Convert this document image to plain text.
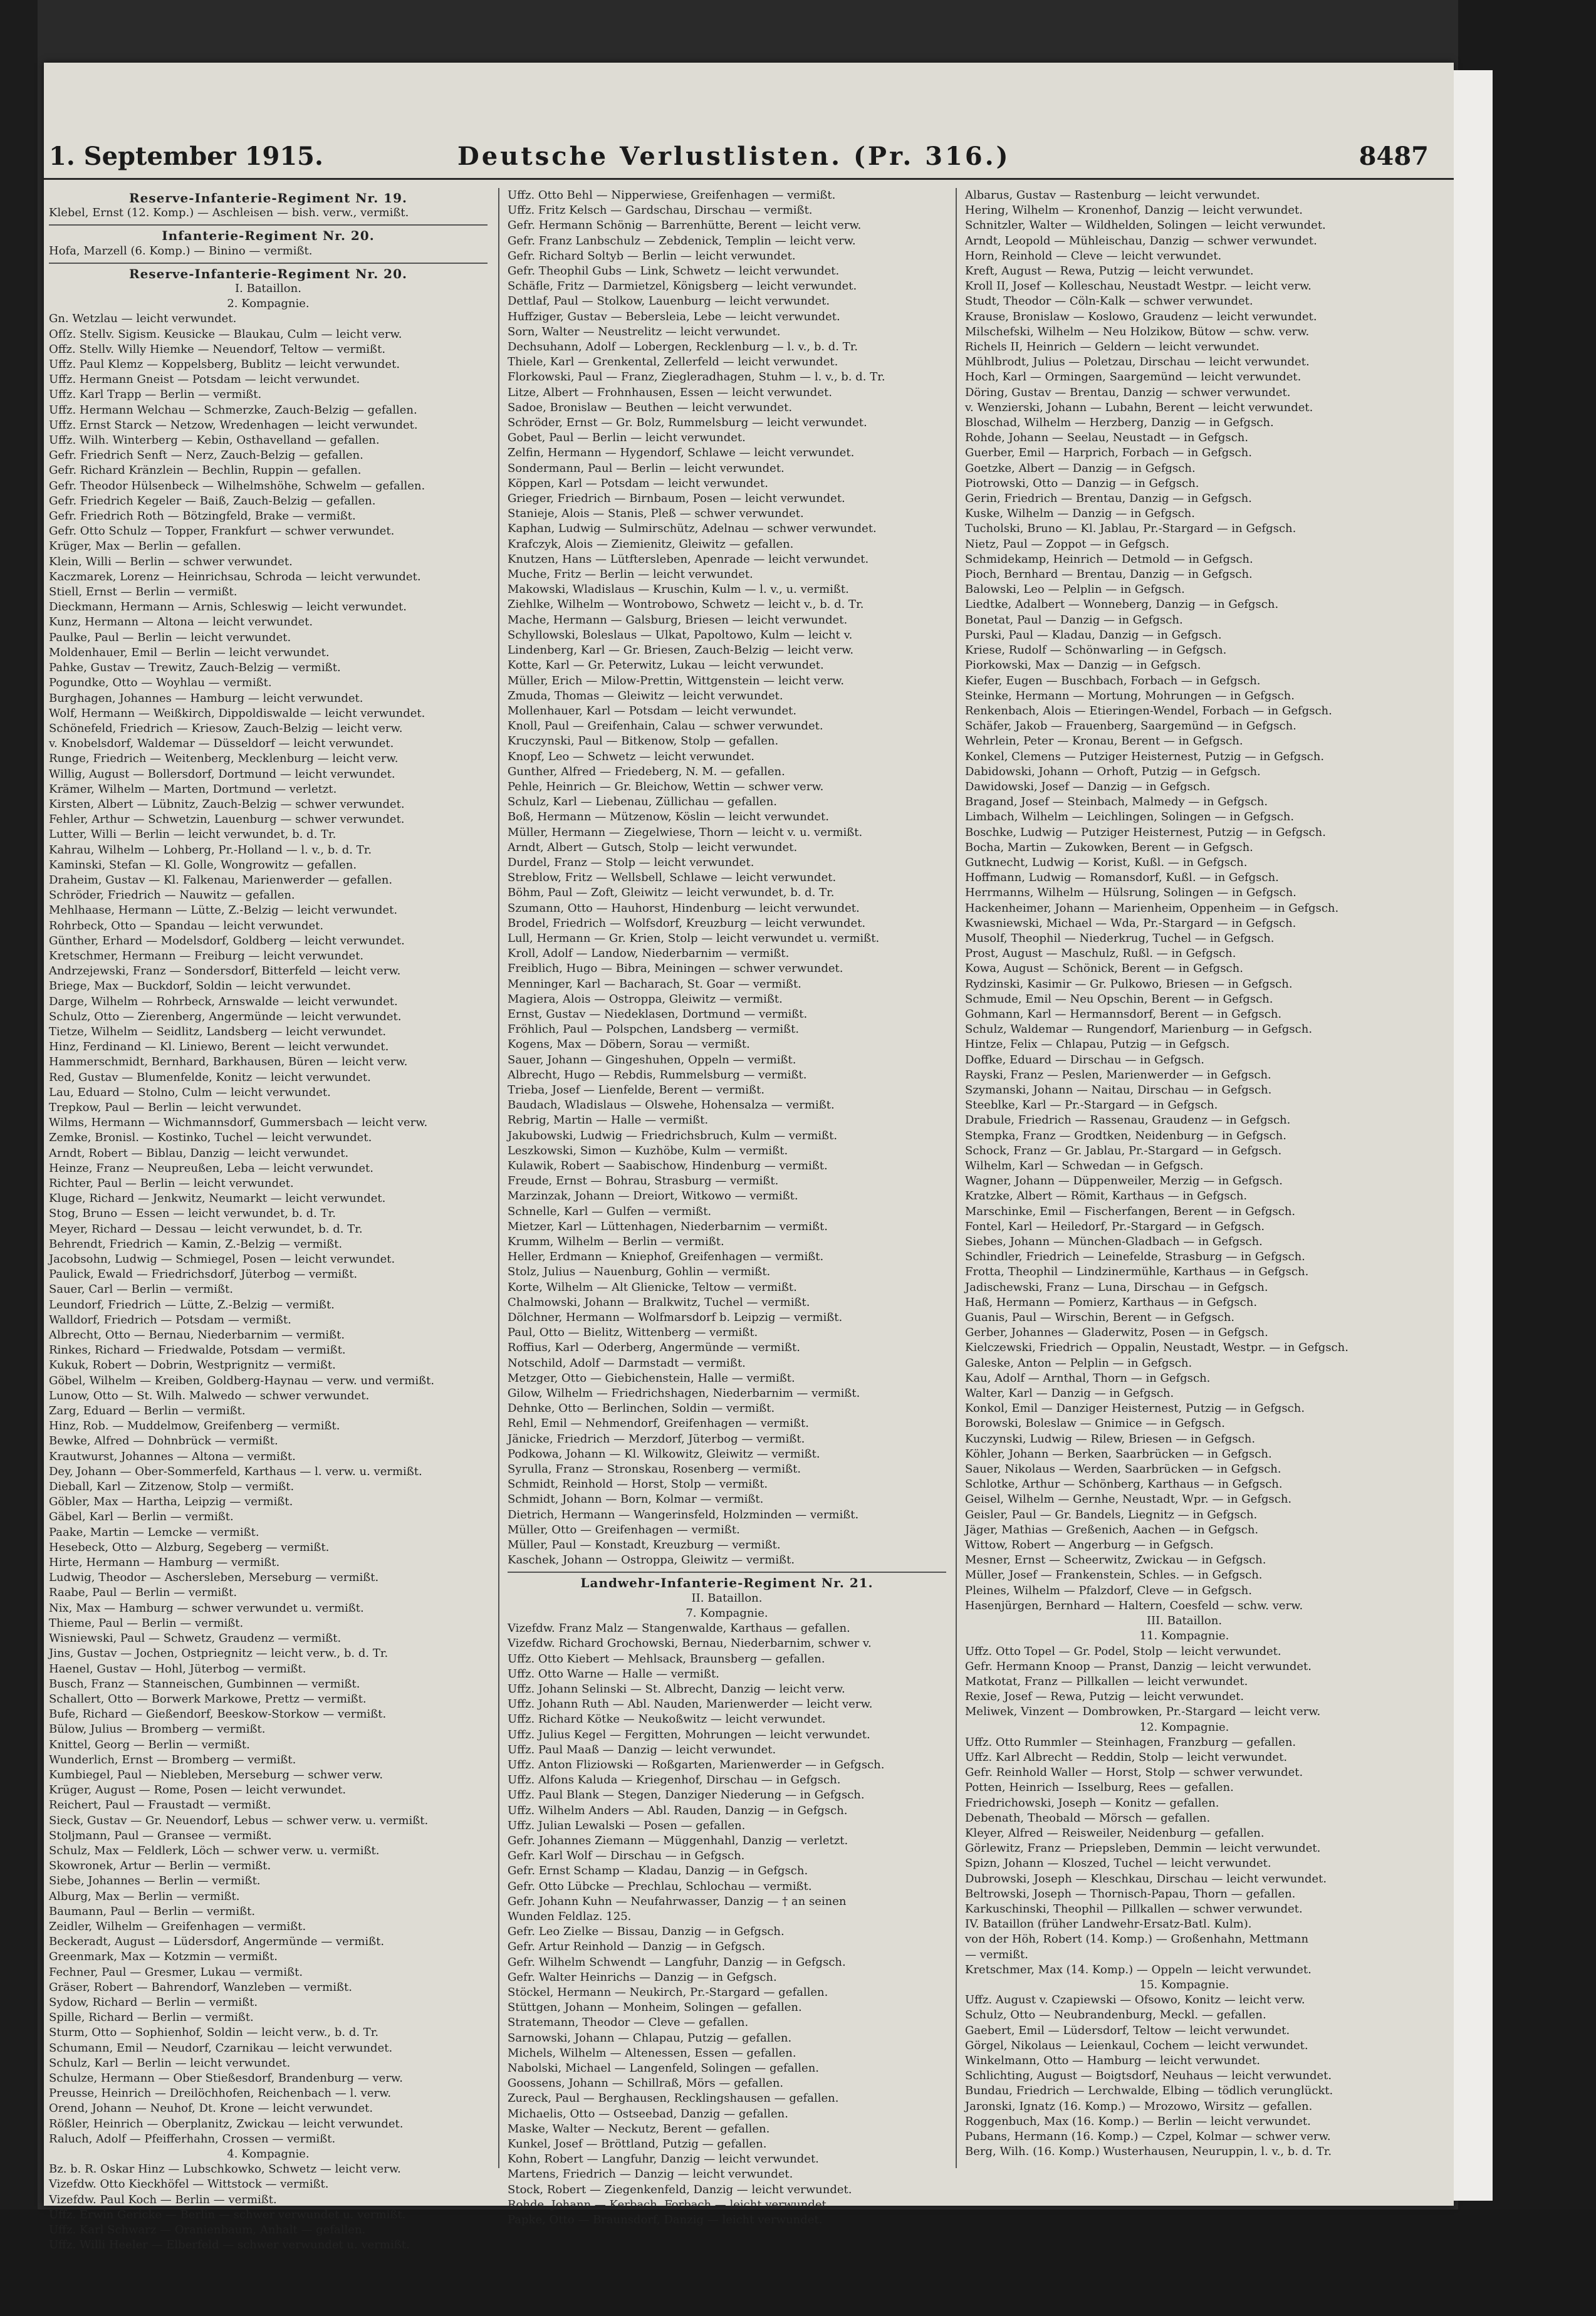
1. September 1915.	Deutsche Verlustlisten. (Pr. 316.)	8487
Reserve-Infanterie-Regiment Nr. 19.
Klebel, Ernst (12. Komp.) — Aschleisen — bish. verw., vermißt.
Infanterie-Regiment Nr. 20.
Hofa, Marzell (6. Komp.) — Binino — vermißt.
Reserve-Infanterie-Regiment Nr. 20.
I. Bataillon.
2. Kompagnie.
Gn. Wetzlau — leicht verwundet.
Ofſz. Stellv. Sigism. Keusicke — Blaukau, Culm — leicht verw.
Offz. Stellv. Willy Hiemke — Neuendorf, Teltow — vermißt.
Uffz. Paul Klemz — Koppelsberg, Bublitz — leicht verwundet.
Uffz. Hermann Gneist — Potsdam — leicht verwundet.
Uffz. Karl Trapp — Berlin — vermißt.
Uffz. Hermann Welchau — Schmerzke, Zauch-Belzig — gefallen.
Uffz. Ernst Starck — Netzow, Wredenhagen — leicht verwundet.
Uffz. Wilh. Winterberg — Kebin, Osthavelland — gefallen.
Gefr. Friedrich Senft — Nerz, Zauch-Belzig — gefallen.
Gefr. Richard Kränzlein — Bechlin, Ruppin — gefallen.
Gefr. Theodor Hülsenbeck — Wilhelmshöhe, Schwelm — gefallen.
Gefr. Friedrich Kegeler — Baiß, Zauch-Belzig — gefallen.
Gefr. Friedrich Roth — Bötzingfeld, Brake — vermißt.
Gefr. Otto Schulz — Topper, Frankfurt — schwer verwundet.
Krüger, Max — Berlin — gefallen.
Klein, Willi — Berlin — schwer verwundet.
Kaczmarek, Lorenz — Heinrichsau, Schroda — leicht verwundet.
Stiell, Ernst — Berlin — vermißt.
Dieckmann, Hermann — Arnis, Schleswig — leicht verwundet.
Kunz, Hermann — Altona — leicht verwundet.
Paulke, Paul — Berlin — leicht verwundet.
Moldenhauer, Emil — Berlin — leicht verwundet.
Pahke, Gustav — Trewitz, Zauch-Belzig — vermißt.
Pogundke, Otto — Woyhlau — vermißt.
Burghagen, Johannes — Hamburg — leicht verwundet.
Wolf, Hermann — Weißkirch, Dippoldiswalde — leicht verwundet.
Schönefeld, Friedrich — Kriesow, Zauch-Belzig — leicht verw.
v. Knobelsdorf, Waldemar — Düsseldorf — leicht verwundet.
Runge, Friedrich — Weitenberg, Mecklenburg — leicht verw.
Willig, August — Bollersdorf, Dortmund — leicht verwundet.
Krämer, Wilhelm — Marten, Dortmund — verletzt.
Kirsten, Albert — Lübnitz, Zauch-Belzig — schwer verwundet.
Fehler, Arthur — Schwetzin, Lauenburg — schwer verwundet.
Lutter, Willi — Berlin — leicht verwundet, b. d. Tr.
Kahrau, Wilhelm — Lohberg, Pr.-Holland — l. v., b. d. Tr.
Kaminski, Stefan — Kl. Golle, Wongrowitz — gefallen.
Draheim, Gustav — Kl. Falkenau, Marienwerder — gefallen.
Schröder, Friedrich — Nauwitz — gefallen.
Mehlhaase, Hermann — Lütte, Z.-Belzig — leicht verwundet.
Rohrbeck, Otto — Spandau — leicht verwundet.
Günther, Erhard — Modelsdorf, Goldberg — leicht verwundet.
Kretschmer, Hermann — Freiburg — leicht verwundet.
Andrzejewski, Franz — Sondersdorf, Bitterfeld — leicht verw.
Briege, Max — Buckdorf, Soldin — leicht verwundet.
Darge, Wilhelm — Rohrbeck, Arnswalde — leicht verwundet.
Schulz, Otto — Zierenberg, Angermünde — leicht verwundet.
Tietze, Wilhelm — Seidlitz, Landsberg — leicht verwundet.
Hinz, Ferdinand — Kl. Liniewo, Berent — leicht verwundet.
Hammerschmidt, Bernhard, Barkhausen, Büren — leicht verw.
Red, Gustav — Blumenfelde, Konitz — leicht verwundet.
Lau, Eduard — Stolno, Culm — leicht verwundet.
Trepkow, Paul — Berlin — leicht verwundet.
Wilms, Hermann — Wichmannsdorf, Gummersbach — leicht verw.
Zemke, Bronisl. — Kostinko, Tuchel — leicht verwundet.
Arndt, Robert — Biblau, Danzig — leicht verwundet.
Heinze, Franz — Neupreußen, Leba — leicht verwundet.
Richter, Paul — Berlin — leicht verwundet.
Kluge, Richard — Jenkwitz, Neumarkt — leicht verwundet.
Stog, Bruno — Essen — leicht verwundet, b. d. Tr.
Meyer, Richard — Dessau — leicht verwundet, b. d. Tr.
Behrendt, Friedrich — Kamin, Z.-Belzig — vermißt.
Jacobsohn, Ludwig — Schmiegel, Posen — leicht verwundet.
Paulick, Ewald — Friedrichsdorf, Jüterbog — vermißt.
Sauer, Carl — Berlin — vermißt.
Leundorf, Friedrich — Lütte, Z.-Belzig — vermißt.
Walldorf, Friedrich — Potsdam — vermißt.
Albrecht, Otto — Bernau, Niederbarnim — vermißt.
Rinkes, Richard — Friedwalde, Potsdam — vermißt.
Kukuk, Robert — Dobrin, Westprignitz — vermißt.
Göbel, Wilhelm — Kreiben, Goldberg-Haynau — verw. und vermißt.
Lunow, Otto — St. Wilh. Malwedo — schwer verwundet.
Zarg, Eduard — Berlin — vermißt.
Hinz, Rob. — Muddelmow, Greifenberg — vermißt.
Bewke, Alfred — Dohnbrück — vermißt.
Krautwurst, Johannes — Altona — vermißt.
Dey, Johann — Ober-Sommerfeld, Karthaus — l. verw. u. vermißt.
Dieball, Karl — Zitzenow, Stolp — vermißt.
Göbler, Max — Hartha, Leipzig — vermißt.
Gäbel, Karl — Berlin — vermißt.
Paake, Martin — Lemcke — vermißt.
Hesebeck, Otto — Alzburg, Segeberg — vermißt.
Hirte, Hermann — Hamburg — vermißt.
Ludwig, Theodor — Aschersleben, Merseburg — vermißt.
Raabe, Paul — Berlin — vermißt.
Nix, Max — Hamburg — schwer verwundet u. vermißt.
Thieme, Paul — Berlin — vermißt.
Wisniewski, Paul — Schwetz, Graudenz — vermißt.
Jins, Gustav — Jochen, Ostpriegnitz — leicht verw., b. d. Tr.
Haenel, Gustav — Hohl, Jüterbog — vermißt.
Busch, Franz — Stanneischen, Gumbinnen — vermißt.
Schallert, Otto — Borwerk Markowe, Prettz — vermißt.
Bufe, Richard — Gießendorf, Beeskow-Storkow — vermißt.
Bülow, Julius — Bromberg — vermißt.
Knittel, Georg — Berlin — vermißt.
Wunderlich, Ernst — Bromberg — vermißt.
Kumbiegel, Paul — Niebleben, Merseburg — schwer verw.
Krüger, August — Rome, Posen — leicht verwundet.
Reichert, Paul — Fraustadt — vermißt.
Sieck, Gustav — Gr. Neuendorf, Lebus — schwer verw. u. vermißt.
Stoljmann, Paul — Gransee — vermißt.
Schulz, Max — Feldlerk, Löch — schwer verw. u. vermißt.
Skowronek, Artur — Berlin — vermißt.
Siebe, Johannes — Berlin — vermißt.
Alburg, Max — Berlin — vermißt.
Baumann, Paul — Berlin — vermißt.
Zeidler, Wilhelm — Greifenhagen — vermißt.
Beckeradt, August — Lüdersdorf, Angermünde — vermißt.
Greenmark, Max — Kotzmin — vermißt.
Fechner, Paul — Gresmer, Lukau — vermißt.
Gräser, Robert — Bahrendorf, Wanzleben — vermißt.
Sydow, Richard — Berlin — vermißt.
Spille, Richard — Berlin — vermißt.
Sturm, Otto — Sophienhof, Soldin — leicht verw., b. d. Tr.
Schumann, Emil — Neudorf, Czarnikau — leicht verwundet.
Schulz, Karl — Berlin — leicht verwundet.
Schulze, Hermann — Ober Stießesdorf, Brandenburg — verw.
Preusse, Heinrich — Dreilöchhofen, Reichenbach — l. verw.
Orend, Johann — Neuhof, Dt. Krone — leicht verwundet.
Rößler, Heinrich — Oberplanitz, Zwickau — leicht verwundet.
Raluch, Adolf — Pfeifferhahn, Crossen — vermißt.
4. Kompagnie.
Bz. b. R. Oskar Hinz — Lubschkowko, Schwetz — leicht verw.
Vizefdw. Otto Kieckhöfel — Wittstock — vermißt.
Vizefdw. Paul Koch — Berlin — vermißt.
Uffz. Erwin Gericke — Berlin — schwer verwundet u. vermißt.
Uffz. Karl Schwarz — Oranienbaum, Anhalt — gefallen.
Uffz. Willi Heeler — Elberfeld — schwer verwundet u. vermißt.
Uffz. Otto Behl — Nipperwiese, Greifenhagen — vermißt.
Uffz. Fritz Kelsch — Gardschau, Dirschau — vermißt.
Gefr. Hermann Schönig — Barrenhütte, Berent — leicht verw.
Gefr. Franz Lanbschulz — Zebdenick, Templin — leicht verw.
Gefr. Richard Soltyb — Berlin — leicht verwundet.
Gefr. Theophil Gubs — Link, Schwetz — leicht verwundet.
Schäfle, Fritz — Darmietzel, Königsberg — leicht verwundet.
Dettlaf, Paul — Stolkow, Lauenburg — leicht verwundet.
Huffziger, Gustav — Bebersleia, Lebe — leicht verwundet.
Sorn, Walter — Neustrelitz — leicht verwundet.
Dechsuhann, Adolf — Lobergen, Recklenburg — l. v., b. d. Tr.
Thiele, Karl — Grenkental, Zellerfeld — leicht verwundet.
Florkowski, Paul — Franz, Ziegleradhagen, Stuhm — l. v., b. d. Tr.
Litze, Albert — Frohnhausen, Essen — leicht verwundet.
Sadoe, Bronislaw — Beuthen — leicht verwundet.
Schröder, Ernst — Gr. Bolz, Rummelsburg — leicht verwundet.
Gobet, Paul — Berlin — leicht verwundet.
Zelfin, Hermann — Hygendorf, Schlawe — leicht verwundet.
Sondermann, Paul — Berlin — leicht verwundet.
Köppen, Karl — Potsdam — leicht verwundet.
Grieger, Friedrich — Birnbaum, Posen — leicht verwundet.
Stanieje, Alois — Stanis, Pleß — schwer verwundet.
Kaphan, Ludwig — Sulmirschütz, Adelnau — schwer verwundet.
Krafczyk, Alois — Ziemienitz, Gleiwitz — gefallen.
Knutzen, Hans — Lütftersleben, Apenrade — leicht verwundet.
Muche, Fritz — Berlin — leicht verwundet.
Makowski, Wladislaus — Kruschin, Kulm — l. v., u. vermißt.
Ziehlke, Wilhelm — Wontrobowo, Schwetz — leicht v., b. d. Tr.
Mache, Hermann — Galsburg, Briesen — leicht verwundet.
Schyllowski, Boleslaus — Ulkat, Papoltowo, Kulm — leicht v.
Lindenberg, Karl — Gr. Briesen, Zauch-Belzig — leicht verw.
Kotte, Karl — Gr. Peterwitz, Lukau — leicht verwundet.
Müller, Erich — Milow-Prettin, Wittgenstein — leicht verw.
Zmuda, Thomas — Gleiwitz — leicht verwundet.
Mollenhauer, Karl — Potsdam — leicht verwundet.
Knoll, Paul — Greifenhain, Calau — schwer verwundet.
Kruczynski, Paul — Bitkenow, Stolp — gefallen.
Knopf, Leo — Schwetz — leicht verwundet.
Gunther, Alfred — Friedeberg, N. M. — gefallen.
Pehle, Heinrich — Gr. Bleichow, Wettin — schwer verw.
Schulz, Karl — Liebenau, Züllichau — gefallen.
Boß, Hermann — Mützenow, Köslin — leicht verwundet.
Müller, Hermann — Ziegelwiese, Thorn — leicht v. u. vermißt.
Arndt, Albert — Gutsch, Stolp — leicht verwundet.
Durdel, Franz — Stolp — leicht verwundet.
Streblow, Fritz — Wellsbell, Schlawe — leicht verwundet.
Böhm, Paul — Zoft, Gleiwitz — leicht verwundet, b. d. Tr.
Szumann, Otto — Hauhorst, Hindenburg — leicht verwundet.
Brodel, Friedrich — Wolfsdorf, Kreuzburg — leicht verwundet.
Lull, Hermann — Gr. Krien, Stolp — leicht verwundet u. vermißt.
Kroll, Adolf — Landow, Niederbarnim — vermißt.
Freiblich, Hugo — Bibra, Meiningen — schwer verwundet.
Menninger, Karl — Bacharach, St. Goar — vermißt.
Magiera, Alois — Ostroppa, Gleiwitz — vermißt.
Ernst, Gustav — Niedeklasen, Dortmund — vermißt.
Fröhlich, Paul — Polspchen, Landsberg — vermißt.
Kogens, Max — Döbern, Sorau — vermißt.
Sauer, Johann — Gingeshuhen, Oppeln — vermißt.
Albrecht, Hugo — Rebdis, Rummelsburg — vermißt.
Trieba, Josef — Lienfelde, Berent — vermißt.
Baudach, Wladislaus — Olswehe, Hohensalza — vermißt.
Rebrig, Martin — Halle — vermißt.
Jakubowski, Ludwig — Friedrichsbruch, Kulm — vermißt.
Leszkowski, Simon — Kuzhöbe, Kulm — vermißt.
Kulawik, Robert — Saabischow, Hindenburg — vermißt.
Freude, Ernst — Bohrau, Strasburg — vermißt.
Marzinzak, Johann — Dreiort, Witkowo — vermißt.
Schnelle, Karl — Gulfen — vermißt.
Mietzer, Karl — Lüttenhagen, Niederbarnim — vermißt.
Krumm, Wilhelm — Berlin — vermißt.
Heller, Erdmann — Kniephof, Greifenhagen — vermißt.
Stolz, Julius — Nauenburg, Gohlin — vermißt.
Korte, Wilhelm — Alt Glienicke, Teltow — vermißt.
Chalmowski, Johann — Bralkwitz, Tuchel — vermißt.
Dölchner, Hermann — Wolfmarsdorf b. Leipzig — vermißt.
Paul, Otto — Bielitz, Wittenberg — vermißt.
Roffius, Karl — Oderberg, Angermünde — vermißt.
Notschild, Adolf — Darmstadt — vermißt.
Metzger, Otto — Giebichenstein, Halle — vermißt.
Gilow, Wilhelm — Friedrichshagen, Niederbarnim — vermißt.
Dehnke, Otto — Berlinchen, Soldin — vermißt.
Rehl, Emil — Nehmendorf, Greifenhagen — vermißt.
Jänicke, Friedrich — Merzdorf, Jüterbog — vermißt.
Podkowa, Johann — Kl. Wilkowitz, Gleiwitz — vermißt.
Syrulla, Franz — Stronskau, Rosenberg — vermißt.
Schmidt, Reinhold — Horst, Stolp — vermißt.
Schmidt, Johann — Born, Kolmar — vermißt.
Dietrich, Hermann — Wangerinsfeld, Holzminden — vermißt.
Müller, Otto — Greifenhagen — vermißt.
Müller, Paul — Konstadt, Kreuzburg — vermißt.
Kaschek, Johann — Ostroppa, Gleiwitz — vermißt.
Landwehr-Infanterie-Regiment Nr. 21.
II. Bataillon.
7. Kompagnie.
Vizefdw. Franz Malz — Stangenwalde, Karthaus — gefallen.
Vizefdw. Richard Grochowski, Bernau, Niederbarnim, schwer v.
Uffz. Otto Kiebert — Mehlsack, Braunsberg — gefallen.
Uffz. Otto Warne — Halle — vermißt.
Uffz. Johann Selinski — St. Albrecht, Danzig — leicht verw.
Uffz. Johann Ruth — Abl. Nauden, Marienwerder — leicht verw.
Uffz. Richard Kötke — Neukoßwitz — leicht verwundet.
Uffz. Julius Kegel — Fergitten, Mohrungen — leicht verwundet.
Uffz. Paul Maaß — Danzig — leicht verwundet.
Uffz. Anton Fliziowski — Roßgarten, Marienwerder — in Gefgsch.
Uffz. Alfons Kaluda — Kriegenhof, Dirschau — in Gefgsch.
Uffz. Paul Blank — Stegen, Danziger Niederung — in Gefgsch.
Uffz. Wilhelm Anders — Abl. Rauden, Danzig — in Gefgsch.
Uffz. Julian Lewalski — Posen — gefallen.
Gefr. Johannes Ziemann — Müggenhahl, Danzig — verletzt.
Gefr. Karl Wolf — Dirschau — in Gefgsch.
Gefr. Ernst Schamp — Kladau, Danzig — in Gefgsch.
Gefr. Otto Lübcke — Prechlau, Schlochau — vermißt.
Gefr. Johann Kuhn — Neufahrwasser, Danzig — † an seinen
Wunden Feldlaz. 125.
Gefr. Leo Zielke — Bissau, Danzig — in Gefgsch.
Gefr. Artur Reinhold — Danzig — in Gefgsch.
Gefr. Wilhelm Schwendt — Langfuhr, Danzig — in Gefgsch.
Gefr. Walter Heinrichs — Danzig — in Gefgsch.
Stöckel, Hermann — Neukirch, Pr.-Stargard — gefallen.
Stüttgen, Johann — Monheim, Solingen — gefallen.
Stratemann, Theodor — Cleve — gefallen.
Sarnowski, Johann — Chlapau, Putzig — gefallen.
Michels, Wilhelm — Altenessen, Essen — gefallen.
Nabolski, Michael — Langenfeld, Solingen — gefallen.
Goossens, Johann — Schillraß, Mörs — gefallen.
Zureck, Paul — Berghausen, Recklingshausen — gefallen.
Michaelis, Otto — Ostseebad, Danzig — gefallen.
Maske, Walter — Neckutz, Berent — gefallen.
Kunkel, Josef — Bröttland, Putzig — gefallen.
Kohn, Robert — Langfuhr, Danzig — leicht verwundet.
Martens, Friedrich — Danzig — leicht verwundet.
Stock, Robert — Ziegenkenfeld, Danzig — leicht verwundet.
Rohde, Johann — Kerbach, Forbach — leicht verwundet.
Papke, Otto — Braunsdorf, Danzig — leicht verwundet.
Albarus, Gustav — Rastenburg — leicht verwundet.
Hering, Wilhelm — Kronenhof, Danzig — leicht verwundet.
Schnitzler, Walter — Wildhelden, Solingen — leicht verwundet.
Arndt, Leopold — Mühleischau, Danzig — schwer verwundet.
Horn, Reinhold — Cleve — leicht verwundet.
Kreft, August — Rewa, Putzig — leicht verwundet.
Kroll II, Josef — Kolleschau, Neustadt Westpr. — leicht verw.
Studt, Theodor — Cöln-Kalk — schwer verwundet.
Krause, Bronislaw — Koslowo, Graudenz — leicht verwundet.
Milschefski, Wilhelm — Neu Holzikow, Bütow — schw. verw.
Richels II, Heinrich — Geldern — leicht verwundet.
Mühlbrodt, Julius — Poletzau, Dirschau — leicht verwundet.
Hoch, Karl — Ormingen, Saargemünd — leicht verwundet.
Döring, Gustav — Brentau, Danzig — schwer verwundet.
v. Wenzierski, Johann — Lubahn, Berent — leicht verwundet.
Bloschad, Wilhelm — Herzberg, Danzig — in Gefgsch.
Rohde, Johann — Seelau, Neustadt — in Gefgsch.
Guerber, Emil — Harprich, Forbach — in Gefgsch.
Goetzke, Albert — Danzig — in Gefgsch.
Piotrowski, Otto — Danzig — in Gefgsch.
Gerin, Friedrich — Brentau, Danzig — in Gefgsch.
Kuske, Wilhelm — Danzig — in Gefgsch.
Tucholski, Bruno — Kl. Jablau, Pr.-Stargard — in Gefgsch.
Nietz, Paul — Zoppot — in Gefgsch.
Schmidekamp, Heinrich — Detmold — in Gefgsch.
Pioch, Bernhard — Brentau, Danzig — in Gefgsch.
Balowski, Leo — Pelplin — in Gefgsch.
Liedtke, Adalbert — Wonneberg, Danzig — in Gefgsch.
Bonetat, Paul — Danzig — in Gefgsch.
Purski, Paul — Kladau, Danzig — in Gefgsch.
Kriese, Rudolf — Schönwarling — in Gefgsch.
Piorkowski, Max — Danzig — in Gefgsch.
Kiefer, Eugen — Buschbach, Forbach — in Gefgsch.
Steinke, Hermann — Mortung, Mohrungen — in Gefgsch.
Renkenbach, Alois — Etieringen-Wendel, Forbach — in Gefgsch.
Schäfer, Jakob — Frauenberg, Saargemünd — in Gefgsch.
Wehrlein, Peter — Kronau, Berent — in Gefgsch.
Konkel, Clemens — Putziger Heisternest, Putzig — in Gefgsch.
Dabidowski, Johann — Orhoft, Putzig — in Gefgsch.
Dawidowski, Josef — Danzig — in Gefgsch.
Bragand, Josef — Steinbach, Malmedy — in Gefgsch.
Limbach, Wilhelm — Leichlingen, Solingen — in Gefgsch.
Boschke, Ludwig — Putziger Heisternest, Putzig — in Gefgsch.
Bocha, Martin — Zukowken, Berent — in Gefgsch.
Gutknecht, Ludwig — Korist, Kußl. — in Gefgsch.
Hoffmann, Ludwig — Romansdorf, Kußl. — in Gefgsch.
Herrmanns, Wilhelm — Hülsrung, Solingen — in Gefgsch.
Hackenheimer, Johann — Marienheim, Oppenheim — in Gefgsch.
Kwasniewski, Michael — Wda, Pr.-Stargard — in Gefgsch.
Musolf, Theophil — Niederkrug, Tuchel — in Gefgsch.
Prost, August — Maschulz, Rußl. — in Gefgsch.
Kowa, August — Schönick, Berent — in Gefgsch.
Rydzinski, Kasimir — Gr. Pulkowo, Briesen — in Gefgsch.
Schmude, Emil — Neu Opschin, Berent — in Gefgsch.
Gohmann, Karl — Hermannsdorf, Berent — in Gefgsch.
Schulz, Waldemar — Rungendorf, Marienburg — in Gefgsch.
Hintze, Felix — Chlapau, Putzig — in Gefgsch.
Doffke, Eduard — Dirschau — in Gefgsch.
Rayski, Franz — Peslen, Marienwerder — in Gefgsch.
Szymanski, Johann — Naitau, Dirschau — in Gefgsch.
Steeblke, Karl — Pr.-Stargard — in Gefgsch.
Drabule, Friedrich — Rassenau, Graudenz — in Gefgsch.
Stempka, Franz — Grodtken, Neidenburg — in Gefgsch.
Schock, Franz — Gr. Jablau, Pr.-Stargard — in Gefgsch.
Wilhelm, Karl — Schwedan — in Gefgsch.
Wagner, Johann — Düppenweiler, Merzig — in Gefgsch.
Kratzke, Albert — Römit, Karthaus — in Gefgsch.
Marschinke, Emil — Fischerfangen, Berent — in Gefgsch.
Fontel, Karl — Heiledorf, Pr.-Stargard — in Gefgsch.
Siebes, Johann — München-Gladbach — in Gefgsch.
Schindler, Friedrich — Leinefelde, Strasburg — in Gefgsch.
Frotta, Theophil — Lindzinermühle, Karthaus — in Gefgsch.
Jadischewski, Franz — Luna, Dirschau — in Gefgsch.
Haß, Hermann — Pomierz, Karthaus — in Gefgsch.
Guanis, Paul — Wirschin, Berent — in Gefgsch.
Gerber, Johannes — Gladerwitz, Posen — in Gefgsch.
Kielczewski, Friedrich — Oppalin, Neustadt, Westpr. — in Gefgsch.
Galeske, Anton — Pelplin — in Gefgsch.
Kau, Adolf — Arnthal, Thorn — in Gefgsch.
Walter, Karl — Danzig — in Gefgsch.
Konkol, Emil — Danziger Heisternest, Putzig — in Gefgsch.
Borowski, Boleslaw — Gnimice — in Gefgsch.
Kuczynski, Ludwig — Rilew, Briesen — in Gefgsch.
Köhler, Johann — Berken, Saarbrücken — in Gefgsch.
Sauer, Nikolaus — Werden, Saarbrücken — in Gefgsch.
Schlotke, Arthur — Schönberg, Karthaus — in Gefgsch.
Geisel, Wilhelm — Gernhe, Neustadt, Wpr. — in Gefgsch.
Geisler, Paul — Gr. Bandels, Liegnitz — in Gefgsch.
Jäger, Mathias — Greßenich, Aachen — in Gefgsch.
Wittow, Robert — Angerburg — in Gefgsch.
Mesner, Ernst — Scheerwitz, Zwickau — in Gefgsch.
Müller, Josef — Frankenstein, Schles. — in Gefgsch.
Pleines, Wilhelm — Pfalzdorf, Cleve — in Gefgsch.
Hasenjürgen, Bernhard — Haltern, Coesfeld — schw. verw.
III. Bataillon.
11. Kompagnie.
Uffz. Otto Topel — Gr. Podel, Stolp — leicht verwundet.
Gefr. Hermann Knoop — Pranst, Danzig — leicht verwundet.
Matkotat, Franz — Pillkallen — leicht verwundet.
Rexie, Josef — Rewa, Putzig — leicht verwundet.
Meliwek, Vinzent — Dombrowken, Pr.-Stargard — leicht verw.
12. Kompagnie.
Uffz. Otto Rummler — Steinhagen, Franzburg — gefallen.
Uffz. Karl Albrecht — Reddin, Stolp — leicht verwundet.
Gefr. Reinhold Waller — Horst, Stolp — schwer verwundet.
Potten, Heinrich — Isselburg, Rees — gefallen.
Friedrichowski, Joseph — Konitz — gefallen.
Debenath, Theobald — Mörsch — gefallen.
Kleyer, Alfred — Reisweiler, Neidenburg — gefallen.
Görlewitz, Franz — Priepsleben, Demmin — leicht verwundet.
Spizn, Johann — Kloszed, Tuchel — leicht verwundet.
Dubrowski, Joseph — Kleschkau, Dirschau — leicht verwundet.
Beltrowski, Joseph — Thornisch-Papau, Thorn — gefallen.
Karkuschinski, Theophil — Pillkallen — schwer verwundet.
IV. Bataillon (früher Landwehr-Ersatz-Batl. Kulm).
von der Höh, Robert (14. Komp.) — Großenhahn, Mettmann
— vermißt.
Kretschmer, Max (14. Komp.) — Oppeln — leicht verwundet.
15. Kompagnie.
Uffz. August v. Czapiewski — Ofsowo, Konitz — leicht verw.
Schulz, Otto — Neubrandenburg, Meckl. — gefallen.
Gaebert, Emil — Lüdersdorf, Teltow — leicht verwundet.
Görgel, Nikolaus — Leienkaul, Cochem — leicht verwundet.
Winkelmann, Otto — Hamburg — leicht verwundet.
Schlichting, August — Boigtsdorf, Neuhaus — leicht verwundet.
Bundau, Friedrich — Lerchwalde, Elbing — tödlich verunglückt.
Jaronski, Ignatz (16. Komp.) — Mrozowo, Wirsitz — gefallen.
Roggenbuch, Max (16. Komp.) — Berlin — leicht verwundet.
Pubans, Hermann (16. Komp.) — Czpel, Kolmar — schwer verw.
Berg, Wilh. (16. Komp.) Wusterhausen, Neuruppin, l. v., b. d. Tr.
